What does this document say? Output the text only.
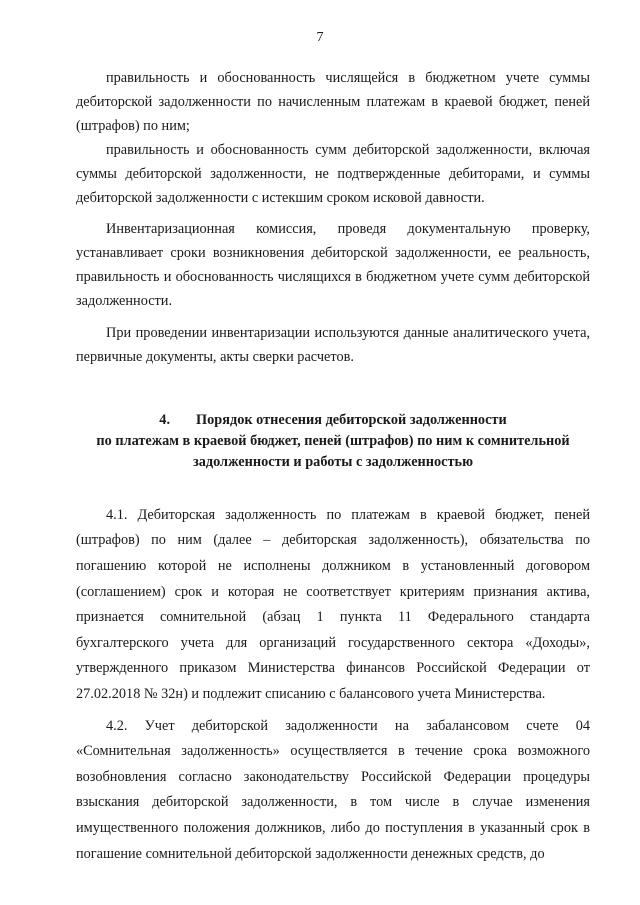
7

правильность и обоснованность числящейся в бюджетном учете суммы дебиторской задолженности по начисленным платежам в краевой бюджет, пеней (штрафов) по ним;

правильность и обоснованность сумм дебиторской задолженности, включая суммы дебиторской задолженности, не подтвержденные дебиторами, и суммы дебиторской задолженности с истекшим сроком исковой давности.

Инвентаризационная комиссия, проведя документальную проверку, устанавливает сроки возникновения дебиторской задолженности, ее реальность, правильность и обоснованность числящихся в бюджетном учете сумм дебиторской задолженности.

При проведении инвентаризации используются данные аналитического учета, первичные документы, акты сверки расчетов.

4. Порядок отнесения дебиторской задолженности
по платежам в краевой бюджет, пеней (штрафов) по ним к сомнительной
задолженности и работы с задолженностью

4.1. Дебиторская задолженность по платежам в краевой бюджет, пеней (штрафов) по ним (далее – дебиторская задолженность), обязательства по погашению которой не исполнены должником в установленный договором (соглашением) срок и которая не соответствует критериям признания актива, признается сомнительной (абзац 1 пункта 11 Федерального стандарта бухгалтерского учета для организаций государственного сектора «Доходы», утвержденного приказом Министерства финансов Российской Федерации от 27.02.2018 № 32н) и подлежит списанию с балансового учета Министерства.

4.2. Учет дебиторской задолженности на забалансовом счете 04 «Сомнительная задолженность» осуществляется в течение срока возможного возобновления согласно законодательству Российской Федерации процедуры взыскания дебиторской задолженности, в том числе в случае изменения имущественного положения должников, либо до поступления в указанный срок в погашение сомнительной дебиторской задолженности денежных средств, до
